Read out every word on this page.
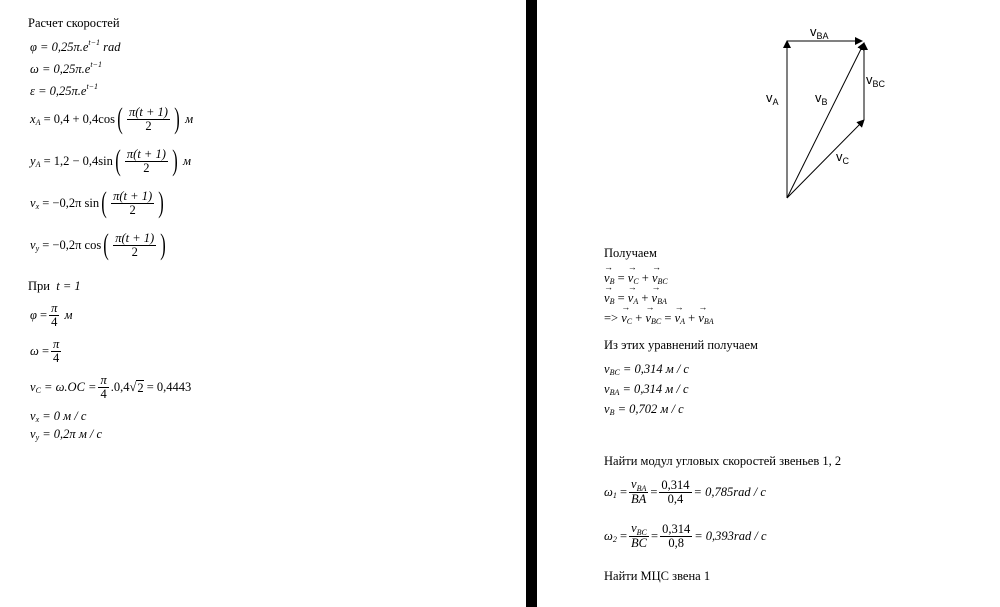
Расчет скоростей
φ
= 0,25π.e t−1
rad
ω
= 0,25π.e t−1
ε
= 0,25π.e t−1
x A
= 0,4 + 0,4cos ( $\frac{\pi(t + 1)}{2}$ )
м
y A
= 1,2 − 0,4sin ( $\frac{\pi(t + 1)}{2}$ )
м
v x
= −0,2π sin ( $\frac{\pi(t + 1)}{2}$ )
v y
= −0,2π cos ( $\frac{\pi(t + 1)}{2}$ )
При t = 1
φ
= $\frac{\pi}{4}$
м
ω
= $\frac{\pi}{4}$
v C
= $\omega.OC = \frac{\pi}{4} .0,4$ √ 2
= 0,4443
v x
= 0 м / с
v y
= 0,2π м / с
vBA
vA	vB
vBC
vC
Получаем
→ v B
=
→ v C
+
→ v BC
→ v B
=
→ v A
+
→ v BA
=>
→ v C
+
→ v BC
=
→ v A
+
→ v BA
Из этих уравнений получаем
v BC
= 0,314 м / с
v BA
= 0,314 м / с
v B
= 0,702 м / с
Найти модул угловых скоростей звеньев 1, 2
ω 1
= $\frac{v_{BA}}{BA} = \frac{0,314}{0,4} = 0,785rad / c$
ω 2
= $\frac{v_{BC}}{BC} = \frac{0,314}{0,8} = 0,393rad / c$
Найти МЦС звена 1
